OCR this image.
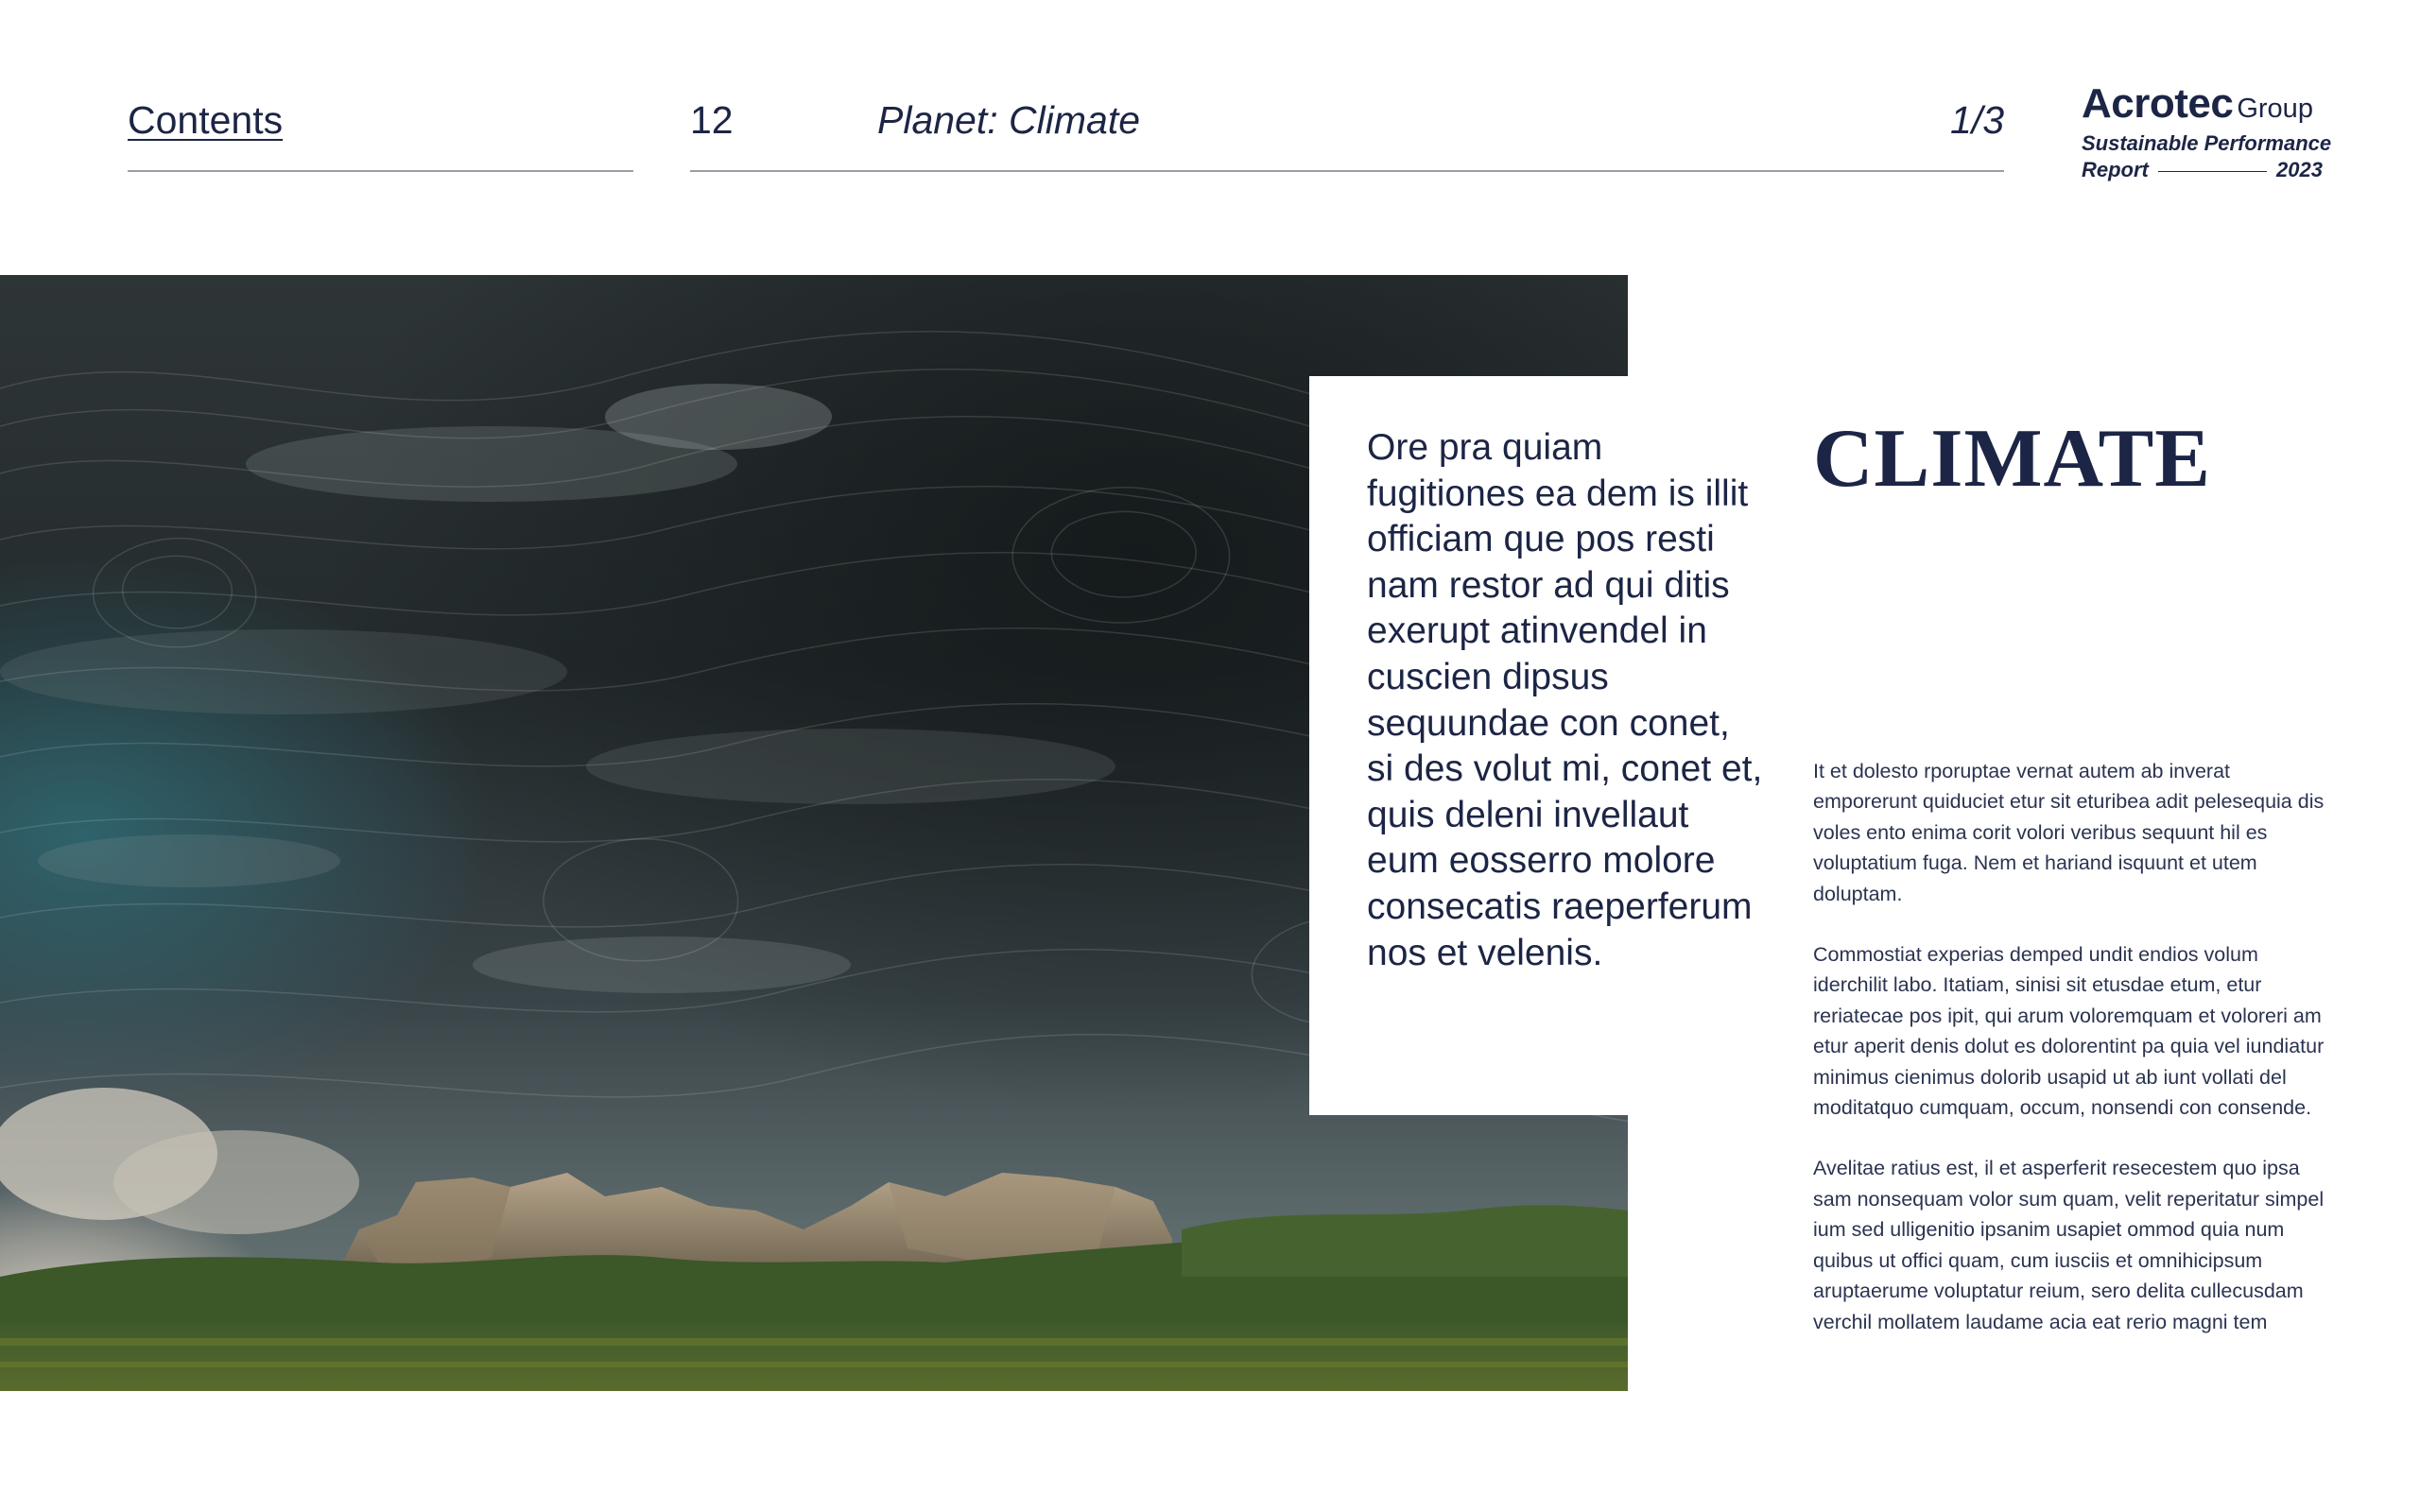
Contents	12	Planet: Climate	1/3 Acrotec Group
Sustainable Performance
Report	2023

Ore pra quiam fugitiones ea dem is illit officiam que pos resti nam restor ad qui ditis exerupt atinvendel in cuscien dipsus sequundae con conet, si des volut mi, conet et, quis deleni invellaut eum eosserro molore consecatis raeperferum nos et velenis.

CLIMATE

It et dolesto rporuptae vernat autem ab inverat emporerunt quiduciet etur sit eturibea adit pelesequia dis voles ento enima corit volori veribus sequunt hil es voluptatium fuga. Nem et hariand isquunt et utem doluptam.

Commostiat experias demped undit endios volum iderchilit labo. Itatiam, sinisi sit etusdae etum, etur reriatecae pos ipit, qui arum voloremquam et voloreri am etur aperit denis dolut es dolorentint pa quia vel iundiatur minimus cienimus dolorib usapid ut ab iunt vollati del moditatquo cumquam, occum, nonsendi con consende.

Avelitae ratius est, il et asperferit resecestem quo ipsa sam nonsequam volor sum quam, velit reperitatur simpel ium sed ulligenitio ipsanim usapiet ommod quia num quibus ut offici quam, cum iusciis et omnihicipsum aruptaerume voluptatur reium, sero delita cullecusdam verchil mollatem laudame acia eat rerio magni tem
